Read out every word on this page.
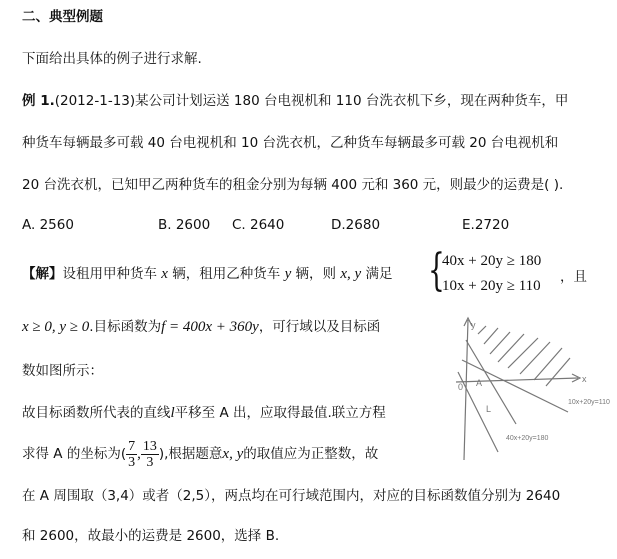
二、典型例题
下面给出具体的例子进行求解.
例 1.(2012-1-13)某公司计划运送 180 台电视机和 110 台洗衣机下乡，现在两种货车，甲
种货车每辆最多可载 40 台电视机和 10 台洗衣机，乙种货车每辆最多可载 20 台电视机和
20 台洗衣机，已知甲乙两种货车的租金分别为每辆 400 元和 360 元，则最少的运费是( ).
A. 2560	B. 2600 C. 2640	D.2680	E.2720
【解】设租用甲种货车 x 辆，租用乙种货车 y 辆，则 x, y 满足 {
40x + 20y ≥ 180
10x + 20y ≥ 110
，且
x ≥ 0, y ≥ 0.目标函数为f = 400x + 360y，可行域以及目标函
数如图所示：
故目标函数所代表的直线l平移至 A 出，应取得最值.联立方程
求得 A 的坐标为( $\frac{7}{3}$ , $\frac{13}{3}$ ),根据题意x, y的取值应为正整数，故
在 A 周围取（3,4）或者（2,5），两点均在可行域范围内，对应的目标函数值分别为 2640
和 2600，故最小的运费是 2600，选择 B.
y
x
A
L
0
10x+20y=110
40x+20y=180
